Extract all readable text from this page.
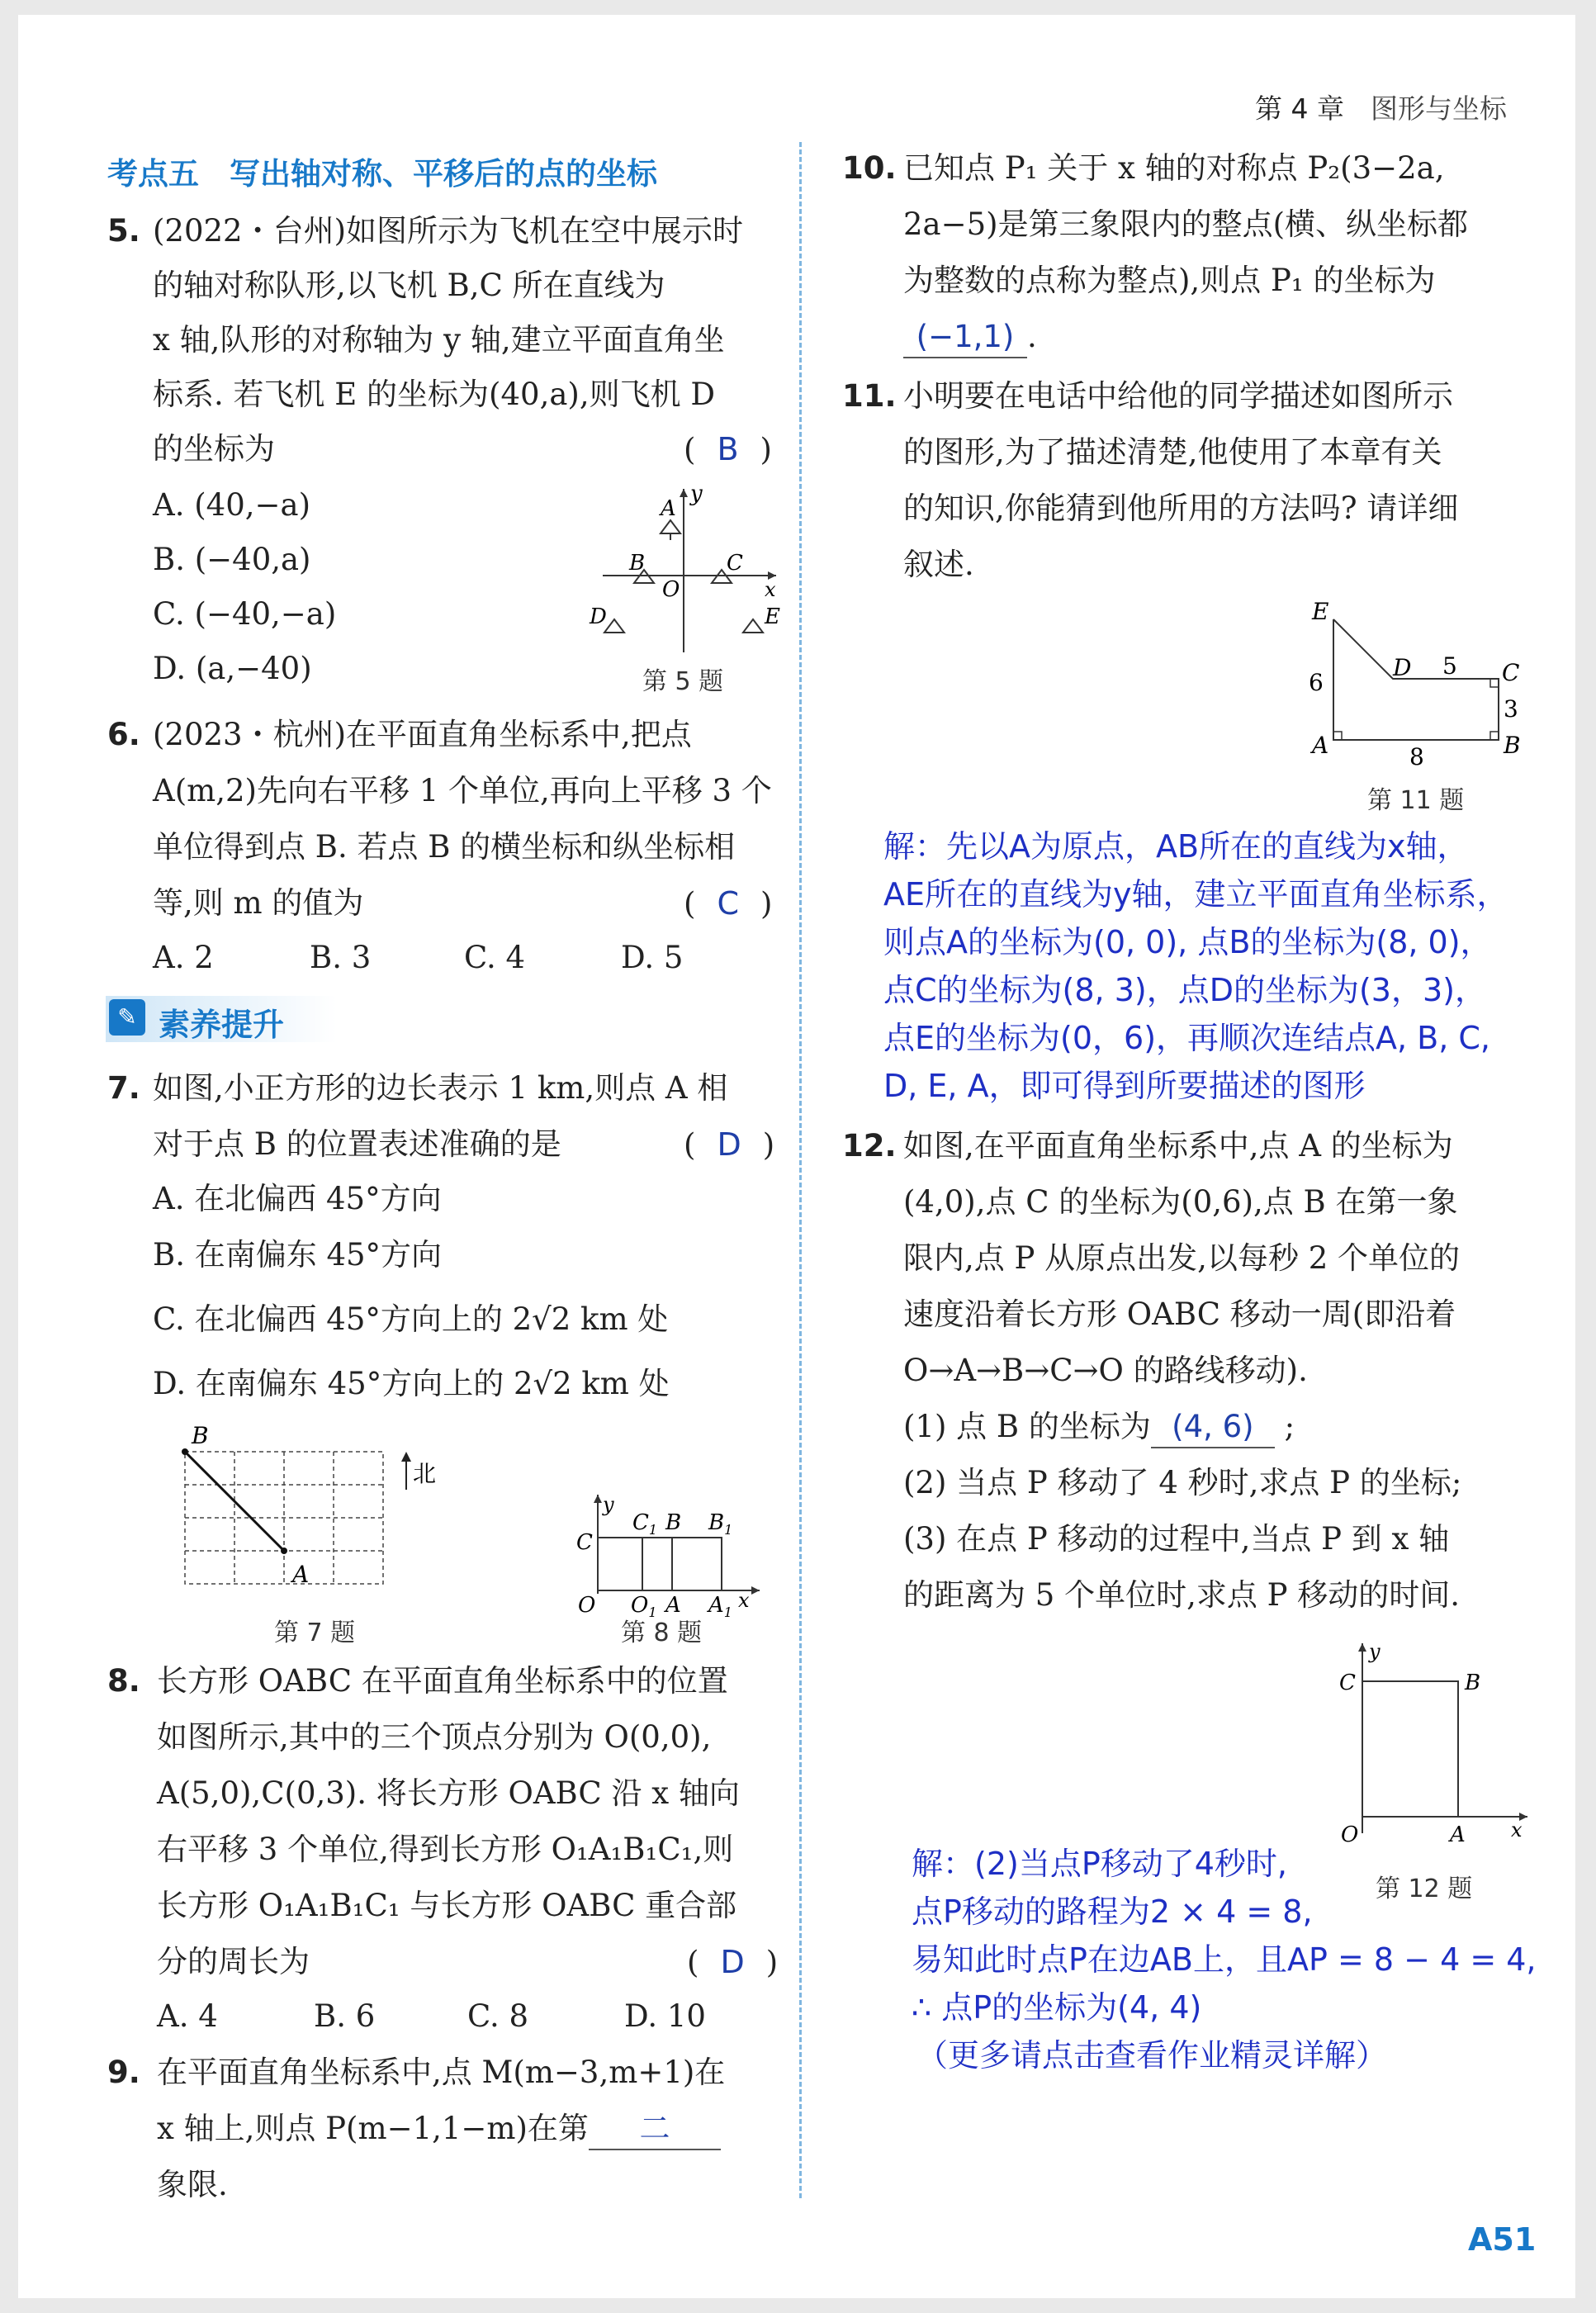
第 4 章 图形与坐标
考点五　写出轴对称、平移后的点的坐标
5. (2022・台州)如图所示为飞机在空中展示时
的轴对称队形,以飞机 B,C 所在直线为
x 轴,队形的对称轴为 y 轴,建立平面直角坐
标系. 若飞机 E 的坐标为(40,a),则飞机 D
的坐标为	( B )
A. (40,−a)
B. (−40,a)
C. (−40,−a)
D. (a,−40)
y
x
O
A
B	C
D	E
第 5 题
6. (2023・杭州)在平面直角坐标系中,把点
A(m,2)先向右平移 1 个单位,再向上平移 3 个
单位得到点 B. 若点 B 的横坐标和纵坐标相
等,则 m 的值为	( C )
A. 2	B. 3	C. 4	D. 5
✎ 素养提升
7. 如图,小正方形的边长表示 1 km,则点 A 相
对于点 B 的位置表述准确的是	( D )
A. 在北偏西 45°方向
B. 在南偏东 45°方向
C. 在北偏西 45°方向上的 2√2 km 处
D. 在南偏东 45°方向上的 2√2 km 处
B
A
北
第 7 题
y
C
$C_1$ B $B_1$
O $O_1$ A $A_1$
x
第 8 题
8. 长方形 OABC 在平面直角坐标系中的位置
如图所示,其中的三个顶点分别为 O(0,0),
A(5,0),C(0,3). 将长方形 OABC 沿 x 轴向
右平移 3 个单位,得到长方形 O₁A₁B₁C₁,则
长方形 O₁A₁B₁C₁ 与长方形 OABC 重合部
分的周长为	( D )
A. 4	B. 6	C. 8	D. 10
9. 在平面直角坐标系中,点 M(m−3,m+1)在
x 轴上,则点 P(m−1,1−m)在第 二
象限.
10. 已知点 P₁ 关于 x 轴的对称点 P₂(3−2a,
2a−5)是第三象限内的整点(横、纵坐标都
为整数的点称为整点),则点 P₁ 的坐标为
(−1,1) .
11. 小明要在电话中给他的同学描述如图所示
的图形,为了描述清楚,他使用了本章有关
的知识,你能猜到他所用的方法吗? 请详细
叙述.
E
A	B
C
D 5
3
6
8
第 11 题
解：先以A为原点，AB所在的直线为x轴，
AE所在的直线为y轴，建立平面直角坐标系，
则点A的坐标为(0, 0), 点B的坐标为(8, 0)，
点C的坐标为(8, 3)，点D的坐标为(3，3)，
点E的坐标为(0，6)，再顺次连结点A, B, C,
D, E, A，即可得到所要描述的图形
12. 如图,在平面直角坐标系中,点 A 的坐标为
(4,0),点 C 的坐标为(0,6),点 B 在第一象
限内,点 P 从原点出发,以每秒 2 个单位的
速度沿着长方形 OABC 移动一周(即沿着
O→A→B→C→O 的路线移动).
(1) 点 B 的坐标为 (4, 6) ;
(2) 当点 P 移动了 4 秒时,求点 P 的坐标;
(3) 在点 P 移动的过程中,当点 P 到 x 轴
的距离为 5 个单位时,求点 P 移动的时间.
y
C	B
O	A x
第 12 题
解：(2)当点P移动了4秒时,
点P移动的路程为2 × 4 = 8,
易知此时点P在边AB上，且AP = 8 − 4 = 4,
∴ 点P的坐标为(4, 4)
（更多请点击查看作业精灵详解）
A51
